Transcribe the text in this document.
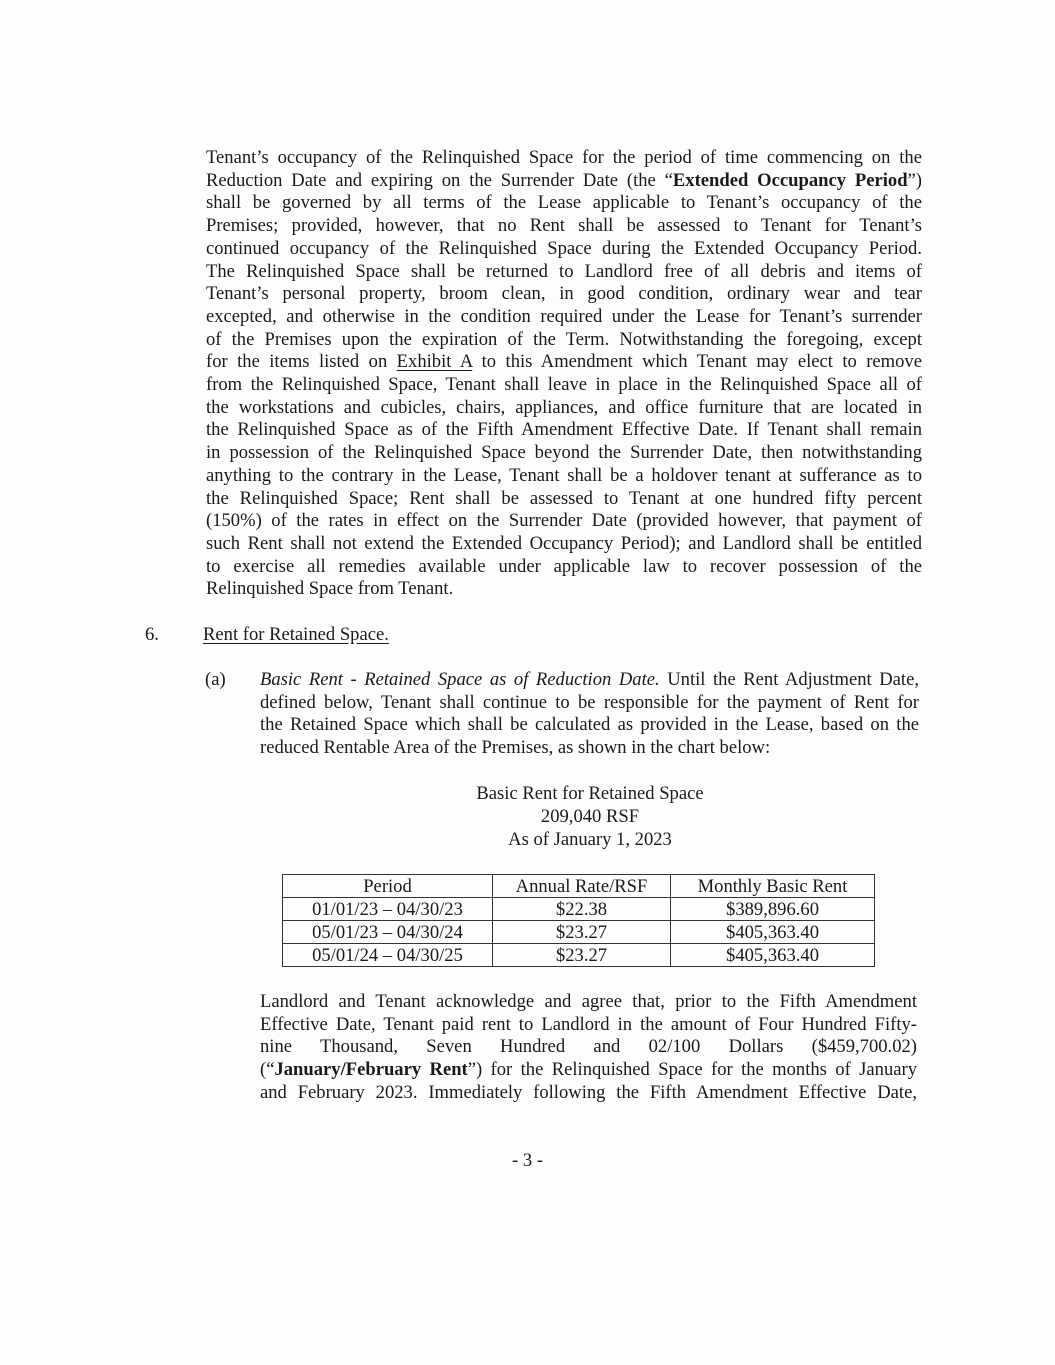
Tenant’s occupancy of the Relinquished Space for the period of time commencing on the
Reduction Date and expiring on the Surrender Date (the “Extended Occupancy Period”)
shall be governed by all terms of the Lease applicable to Tenant’s occupancy of the
Premises; provided, however, that no Rent shall be assessed to Tenant for Tenant’s
continued occupancy of the Relinquished Space during the Extended Occupancy Period.
The Relinquished Space shall be returned to Landlord free of all debris and items of
Tenant’s personal property, broom clean, in good condition, ordinary wear and tear
excepted, and otherwise in the condition required under the Lease for Tenant’s surrender
of the Premises upon the expiration of the Term. Notwithstanding the foregoing, except
for the items listed on Exhibit A to this Amendment which Tenant may elect to remove
from the Relinquished Space, Tenant shall leave in place in the Relinquished Space all of
the workstations and cubicles, chairs, appliances, and office furniture that are located in
the Relinquished Space as of the Fifth Amendment Effective Date. If Tenant shall remain
in possession of the Relinquished Space beyond the Surrender Date, then notwithstanding
anything to the contrary in the Lease, Tenant shall be a holdover tenant at sufferance as to
the Relinquished Space; Rent shall be assessed to Tenant at one hundred fifty percent
(150%) of the rates in effect on the Surrender Date (provided however, that payment of
such Rent shall not extend the Extended Occupancy Period); and Landlord shall be entitled
to exercise all remedies available under applicable law to recover possession of the
Relinquished Space from Tenant.
6. Rent for Retained Space.
(a) Basic Rent - Retained Space as of Reduction Date. Until the Rent Adjustment Date,
defined below, Tenant shall continue to be responsible for the payment of Rent for
the Retained Space which shall be calculated as provided in the Lease, based on the
reduced Rentable Area of the Premises, as shown in the chart below:
Basic Rent for Retained Space
209,040 RSF
As of January 1, 2023
Period	Annual Rate/RSF	Monthly Basic Rent
01/01/23 – 04/30/23	$22.38	$389,896.60
05/01/23 – 04/30/24	$23.27	$405,363.40
05/01/24 – 04/30/25	$23.27	$405,363.40
Landlord and Tenant acknowledge and agree that, prior to the Fifth Amendment
Effective Date, Tenant paid rent to Landlord in the amount of Four Hundred Fifty-
nine Thousand, Seven Hundred and 02/100 Dollars ($459,700.02)
(“January/February Rent”) for the Relinquished Space for the months of January
and February 2023. Immediately following the Fifth Amendment Effective Date,
- 3 -
